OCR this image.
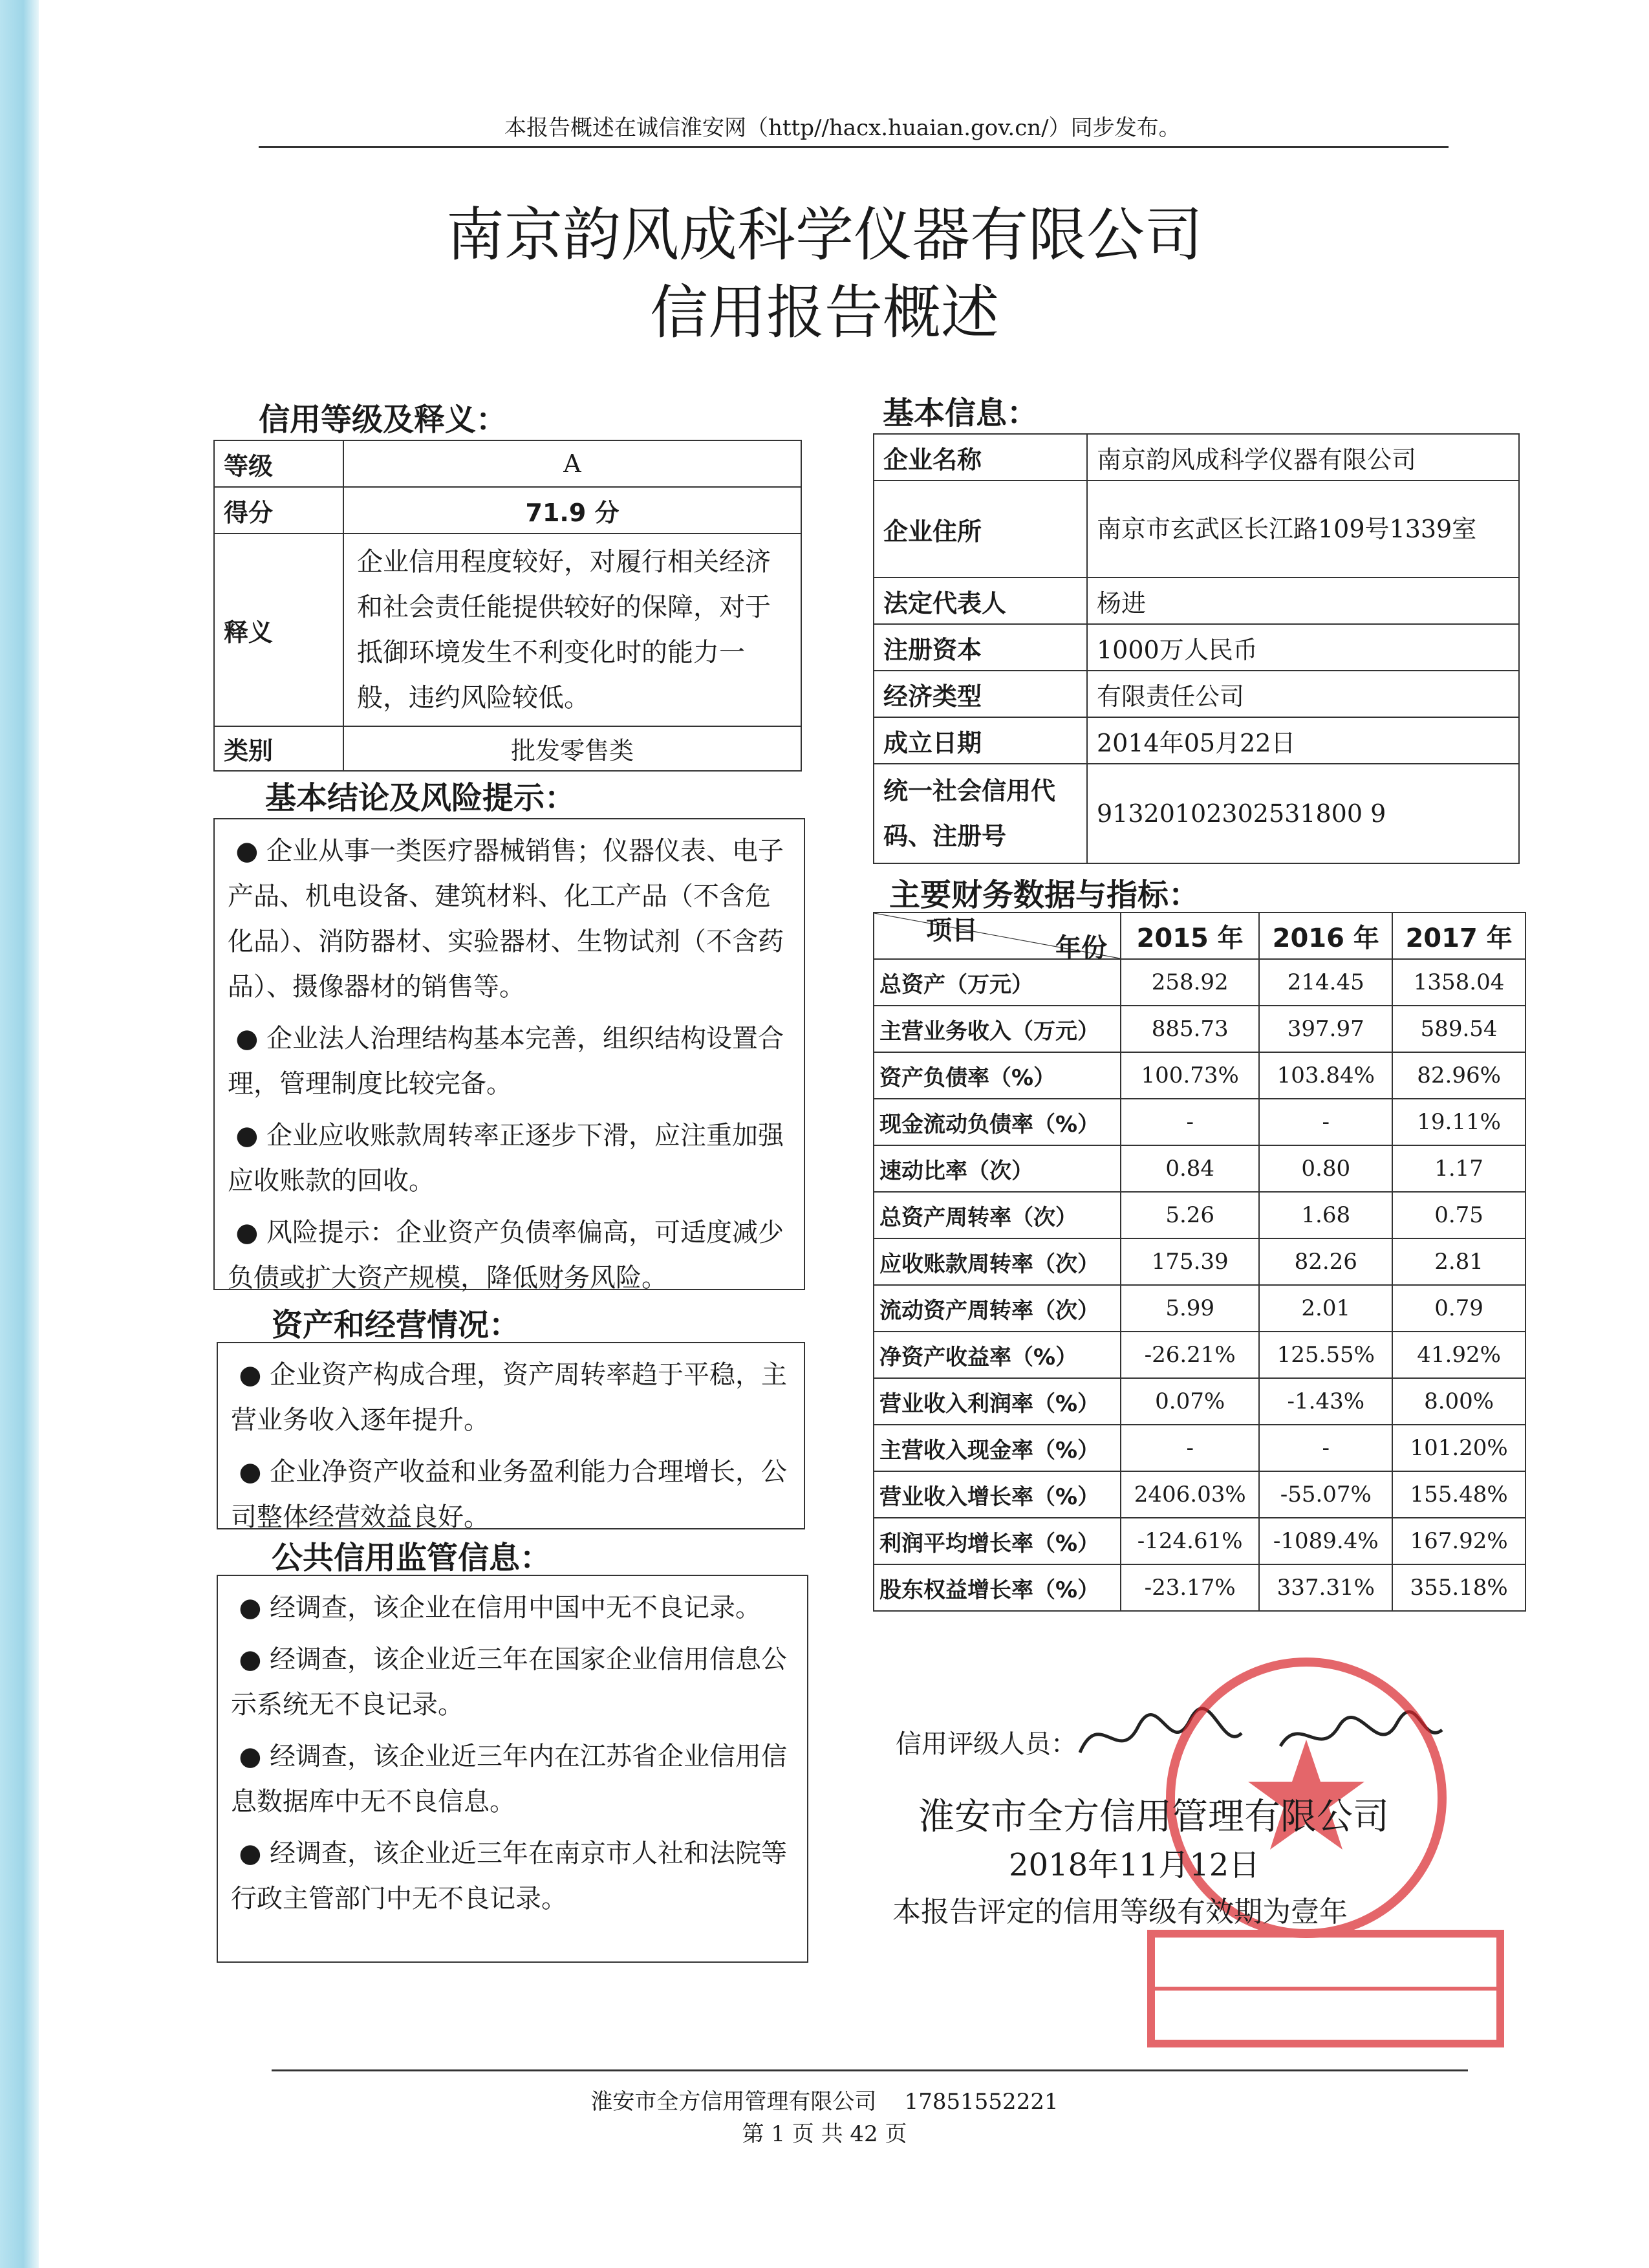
本报告概述在诚信淮安网（http//hacx.huaian.gov.cn/）同步发布。
南京韵风成科学仪器有限公司
信用报告概述
信用等级及释义：
等级	A
得分	71.9 分
释义	企业信用程度较好，对履行相关经济和社会责任能提供较好的保障，对于抵御环境发生不利变化时的能力一般，违约风险较低。
类别	批发零售类
基本结论及风险提示：

● 企业从事一类医疗器械销售；仪器仪表、电子产品、机电设备、建筑材料、化工产品（不含危化品）、消防器材、实验器材、生物试剂（不含药品）、摄像器材的销售等。

● 企业法人治理结构基本完善，组织结构设置合理，管理制度比较完备。

● 企业应收账款周转率正逐步下滑，应注重加强应收账款的回收。

● 风险提示：企业资产负债率偏高，可适度减少负债或扩大资产规模，降低财务风险。

资产和经营情况：

● 企业资产构成合理，资产周转率趋于平稳，主营业务收入逐年提升。

● 企业净资产收益和业务盈利能力合理增长，公司整体经营效益良好。

公共信用监管信息：

● 经调查，该企业在信用中国中无不良记录。

● 经调查，该企业近三年在国家企业信用信息公示系统无不良记录。

● 经调查，该企业近三年内在江苏省企业信用信息数据库中无不良信息。

● 经调查，该企业近三年在南京市人社和法院等行政主管部门中无不良记录。

基本信息：
企业名称	南京韵风成科学仪器有限公司
企业住所	南京市玄武区长江路109号1339室
法定代表人	杨进
注册资本	1000万人民币
经济类型	有限责任公司
成立日期	2014年05月22日
统一社会信用代码、注册号	91320102302531800 9
主要财务数据与指标：
年份
项目	2015 年	2016 年	2017 年
总资产（万元）	258.92	214.45	1358.04
主营业务收入（万元）	885.73	397.97	589.54
资产负债率（%）	100.73%	103.84%	82.96%
现金流动负债率（%）	-	-	19.11%
速动比率（次）	0.84	0.80	1.17
总资产周转率（次）	5.26	1.68	0.75
应收账款周转率（次）	175.39	82.26	2.81
流动资产周转率（次）	5.99	2.01	0.79
净资产收益率（%）	-26.21%	125.55%	41.92%
营业收入利润率（%）	0.07%	-1.43%	8.00%
主营收入现金率（%）	-	-	101.20%
营业收入增长率（%）	2406.03%	-55.07%	155.48%
利润平均增长率（%）	-124.61%	-1089.4%	167.92%
股东权益增长率（%）	-23.17%	337.31%	355.18%
信用评级人员：
淮安市全方信用管理有限公司
2018年11月12日
本报告评定的信用等级有效期为壹年
淮安市全方信用管理有限公司    17851552221
第 1 页 共 42 页
